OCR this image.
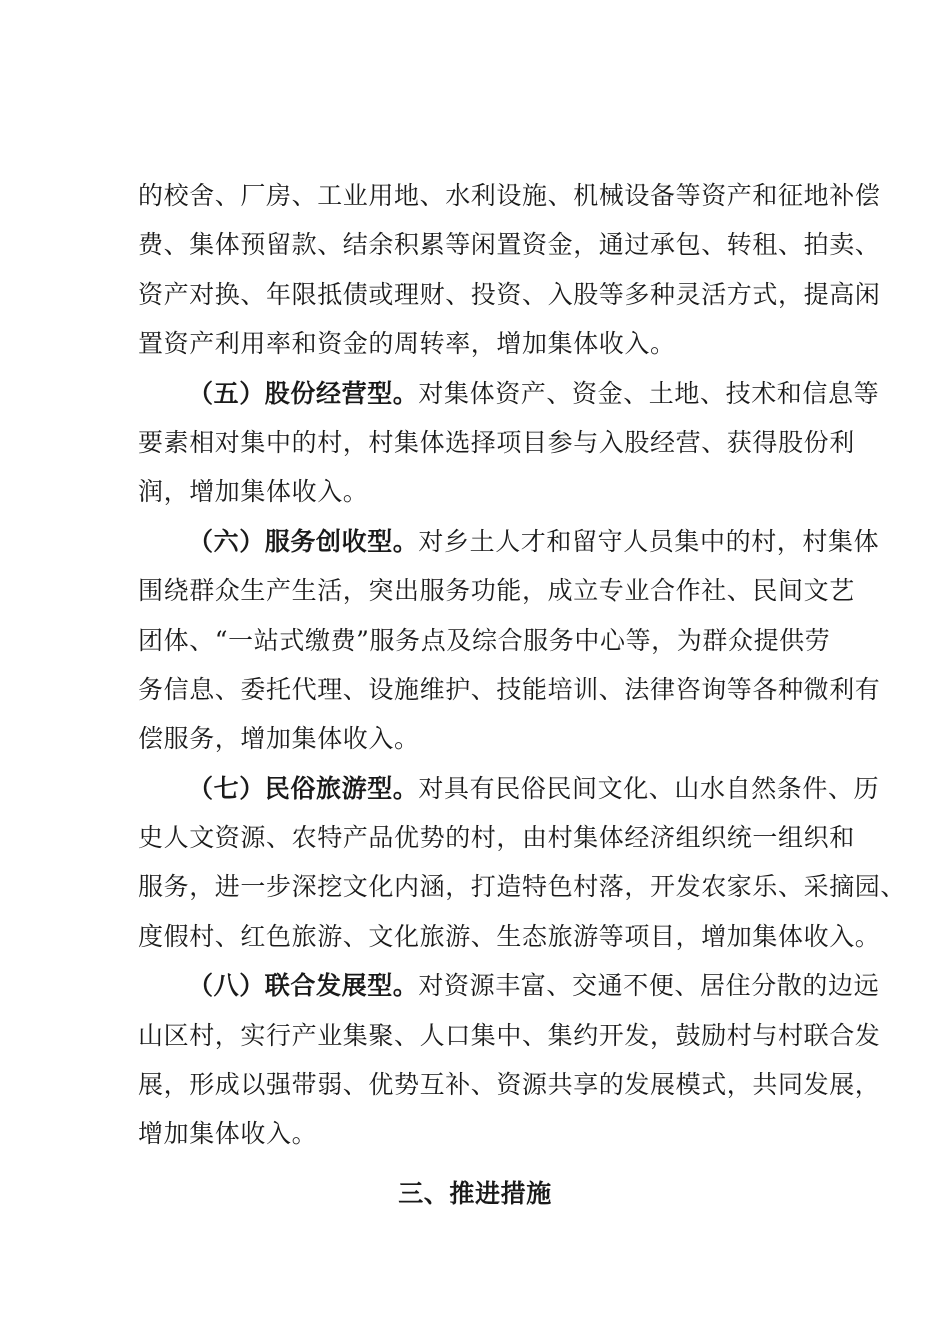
的校舍、厂房、工业用地、水利设施、机械设备等资产和征地补偿
费、集体预留款、结余积累等闲置资金，通过承包、转租、拍卖、
资产对换、年限抵债或理财、投资、入股等多种灵活方式，提高闲
置资产利用率和资金的周转率，增加集体收入。
（五）股份经营型。对集体资产、资金、土地、技术和信息等
要素相对集中的村，村集体选择项目参与入股经营、获得股份利
润，增加集体收入。
（六）服务创收型。对乡土人才和留守人员集中的村，村集体
围绕群众生产生活，突出服务功能，成立专业合作社、民间文艺
团体、“一站式缴费”服务点及综合服务中心等，为群众提供劳
务信息、委托代理、设施维护、技能培训、法律咨询等各种微利有
偿服务，增加集体收入。
（七）民俗旅游型。对具有民俗民间文化、山水自然条件、历
史人文资源、农特产品优势的村，由村集体经济组织统一组织和
服务，进一步深挖文化内涵，打造特色村落，开发农家乐、采摘园、
度假村、红色旅游、文化旅游、生态旅游等项目，增加集体收入。
（八）联合发展型。对资源丰富、交通不便、居住分散的边远
山区村，实行产业集聚、人口集中、集约开发，鼓励村与村联合发
展，形成以强带弱、优势互补、资源共享的发展模式，共同发展，
增加集体收入。
三、推进措施
